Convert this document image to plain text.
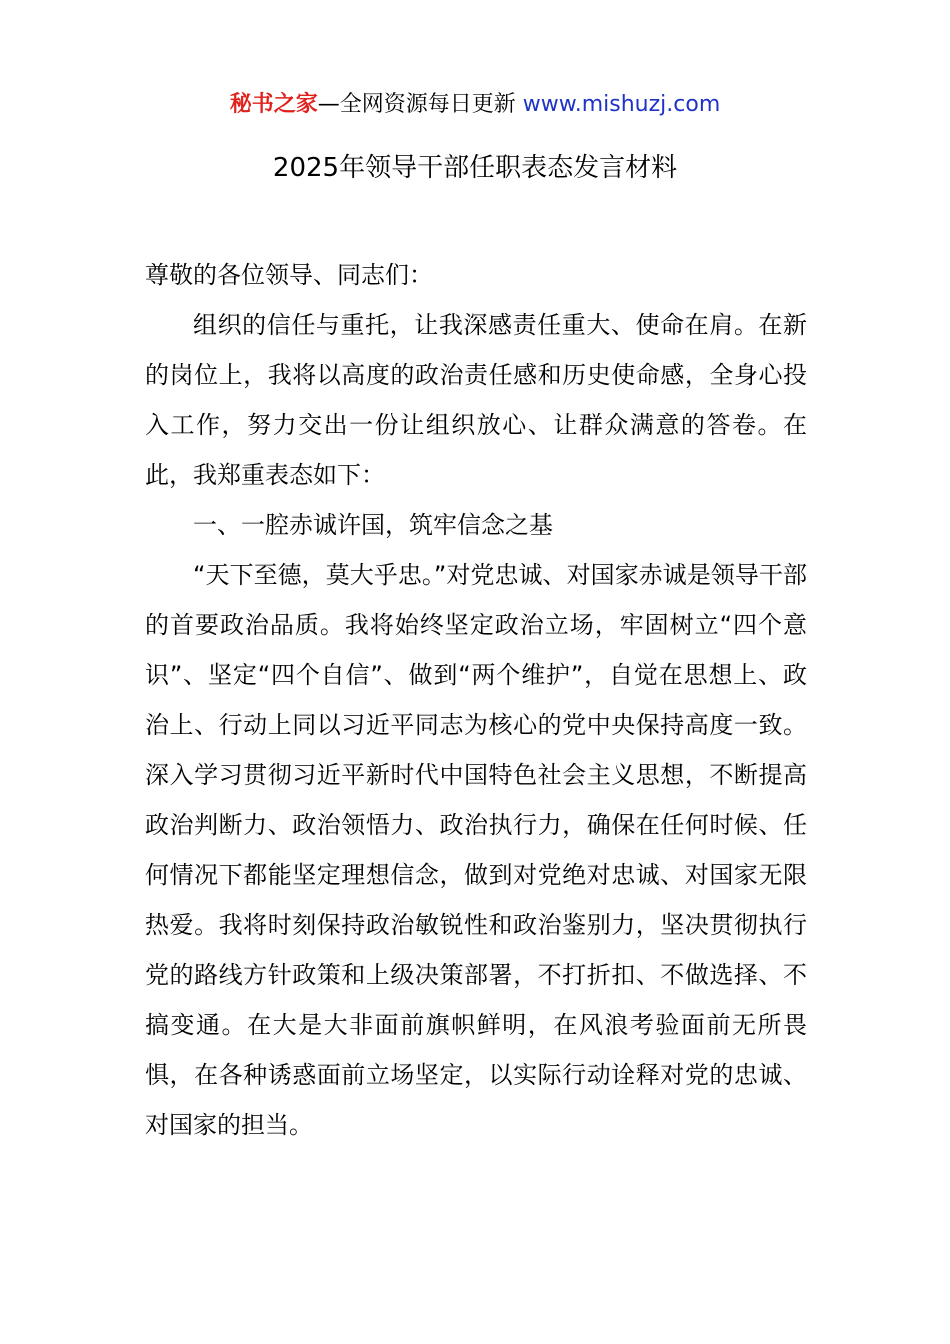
秘书之家—全网资源每日更新 www.mishuzj.com
2025年领导干部任职表态发言材料

尊敬的各位领导、同志们：

组织的信任与重托，让我深感责任重大、使命在肩。在新的岗位上，我将以高度的政治责任感和历史使命感，全身心投入工作，努力交出一份让组织放心、让群众满意的答卷。在此，我郑重表态如下：

一、一腔赤诚许国，筑牢信念之基

“天下至德，莫大乎忠。”对党忠诚、对国家赤诚是领导干部的首要政治品质。我将始终坚定政治立场，牢固树立“四个意识”、坚定“四个自信”、做到“两个维护”，自觉在思想上、政治上、行动上同以习近平同志为核心的党中央保持高度一致。深入学习贯彻习近平新时代中国特色社会主义思想，不断提高政治判断力、政治领悟力、政治执行力，确保在任何时候、任何情况下都能坚定理想信念，做到对党绝对忠诚、对国家无限热爱。我将时刻保持政治敏锐性和政治鉴别力，坚决贯彻执行党的路线方针政策和上级决策部署，不打折扣、不做选择、不搞变通。在大是大非面前旗帜鲜明，在风浪考验面前无所畏惧，在各种诱惑面前立场坚定，以实际行动诠释对党的忠诚、对国家的担当。
